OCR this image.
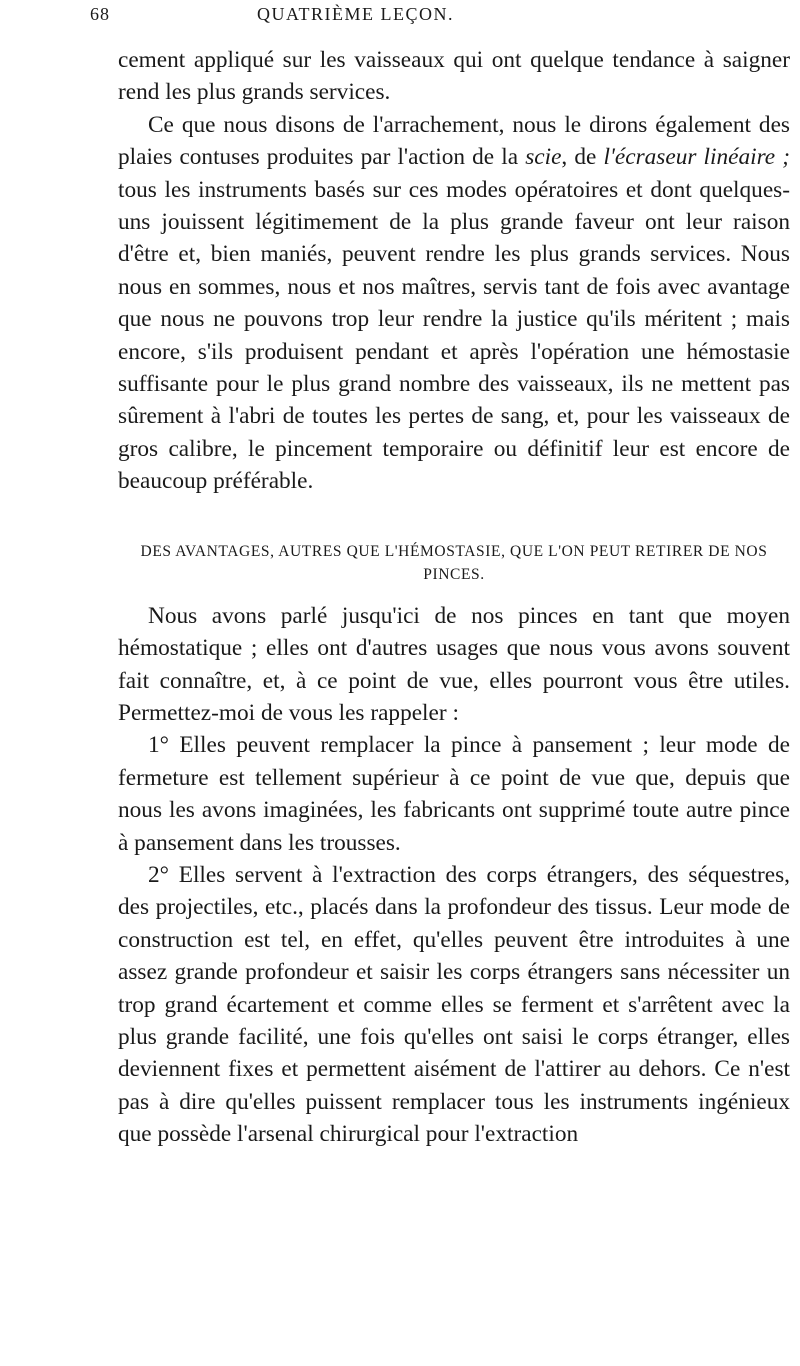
68	QUATRIÈME LEÇON.

cement appliqué sur les vaisseaux qui ont quelque tendance à saigner rend les plus grands services.

Ce que nous disons de l'arrachement, nous le dirons également des plaies contuses produites par l'action de la scie, de l'écraseur linéaire ; tous les instruments basés sur ces modes opératoires et dont quelques-uns jouissent légitimement de la plus grande faveur ont leur raison d'être et, bien maniés, peuvent rendre les plus grands services. Nous nous en sommes, nous et nos maîtres, servis tant de fois avec avantage que nous ne pouvons trop leur rendre la justice qu'ils méritent ; mais encore, s'ils produisent pendant et après l'opération une hémostasie suffisante pour le plus grand nombre des vaisseaux, ils ne mettent pas sûrement à l'abri de toutes les pertes de sang, et, pour les vaisseaux de gros calibre, le pincement temporaire ou définitif leur est encore de beaucoup préférable.

DES AVANTAGES, AUTRES QUE L'HÉMOSTASIE, QUE L'ON PEUT RETIRER DE NOS PINCES.

Nous avons parlé jusqu'ici de nos pinces en tant que moyen hémostatique ; elles ont d'autres usages que nous vous avons souvent fait connaître, et, à ce point de vue, elles pourront vous être utiles. Permettez-moi de vous les rappeler :

1° Elles peuvent remplacer la pince à pansement ; leur mode de fermeture est tellement supérieur à ce point de vue que, depuis que nous les avons imaginées, les fabricants ont supprimé toute autre pince à pansement dans les trousses.

2° Elles servent à l'extraction des corps étrangers, des séquestres, des projectiles, etc., placés dans la profondeur des tissus. Leur mode de construction est tel, en effet, qu'elles peuvent être introduites à une assez grande profondeur et saisir les corps étrangers sans nécessiter un trop grand écartement et comme elles se ferment et s'arrêtent avec la plus grande facilité, une fois qu'elles ont saisi le corps étranger, elles deviennent fixes et permettent aisément de l'attirer au dehors. Ce n'est pas à dire qu'elles puissent remplacer tous les instruments ingénieux que possède l'arsenal chirurgical pour l'extraction
